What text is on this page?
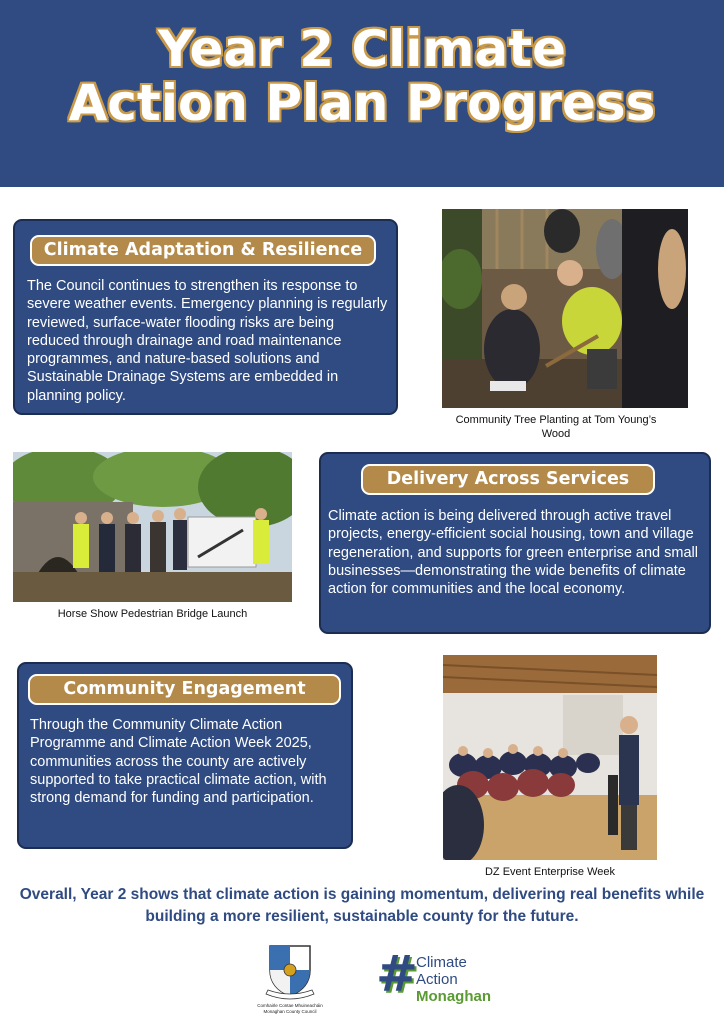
Year 2 Climate
Action Plan Progress
Climate Adaptation & Resilience
The Council continues to strengthen its response to severe weather events. Emergency planning is regularly reviewed, surface-water flooding risks are being reduced through drainage and road maintenance programmes, and nature-based solutions and Sustainable Drainage Systems are embedded in planning policy.
Community Tree Planting at Tom Young’s Wood
Horse Show Pedestrian Bridge Launch
Delivery Across Services
Climate action is being delivered through active travel projects, energy-efficient social housing, town and village regeneration, and supports for green enterprise and small businesses—demonstrating the wide benefits of climate action for communities and the local economy.
Community Engagement
Through the Community Climate Action Programme and Climate Action Week 2025, communities across the county are actively supported to take practical climate action, with strong demand for funding and participation.
DZ Event Enterprise Week
Overall, Year 2 shows that climate action is gaining momentum, delivering real benefits while building a more resilient, sustainable county for the future.
Comhairle Contae Mhuineacháin
Monaghan County Council
#
Climate
Action
Monaghan
